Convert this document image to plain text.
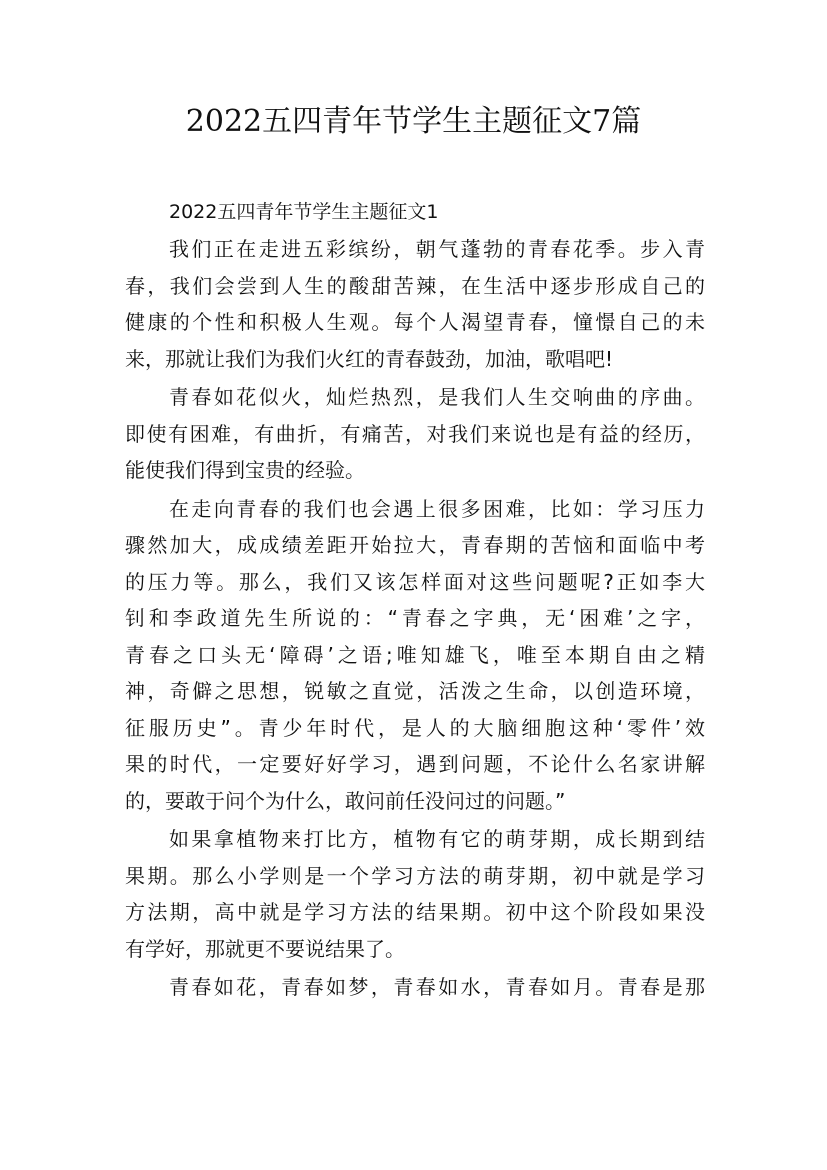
2022五四青年节学生主题征文7篇
2022五四青年节学生主题征文1
我们正在走进五彩缤纷，朝气蓬勃的青春花季。步入青
春，我们会尝到人生的酸甜苦辣，在生活中逐步形成自己的
健康的个性和积极人生观。每个人渴望青春，憧憬自己的未
来，那就让我们为我们火红的青春鼓劲，加油，歌唱吧!
青春如花似火，灿烂热烈，是我们人生交响曲的序曲。
即使有困难，有曲折，有痛苦，对我们来说也是有益的经历，
能使我们得到宝贵的经验。
在走向青春的我们也会遇上很多困难，比如：学习压力
骤然加大，成成绩差距开始拉大，青春期的苦恼和面临中考
的压力等。那么，我们又该怎样面对这些问题呢?正如李大
钊和李政道先生所说的：“青春之字典，无‘困难’之字，
青春之口头无‘障碍’之语;唯知雄飞，唯至本期自由之精
神，奇僻之思想，锐敏之直觉，活泼之生命，以创造环境，
征服历史”。青少年时代，是人的大脑细胞这种‘零件’效
果的时代，一定要好好学习，遇到问题，不论什么名家讲解
的，要敢于问个为什么，敢问前任没问过的问题。”
如果拿植物来打比方，植物有它的萌芽期，成长期到结
果期。那么小学则是一个学习方法的萌芽期，初中就是学习
方法期，高中就是学习方法的结果期。初中这个阶段如果没
有学好，那就更不要说结果了。
青春如花，青春如梦，青春如水，青春如月。青春是那
